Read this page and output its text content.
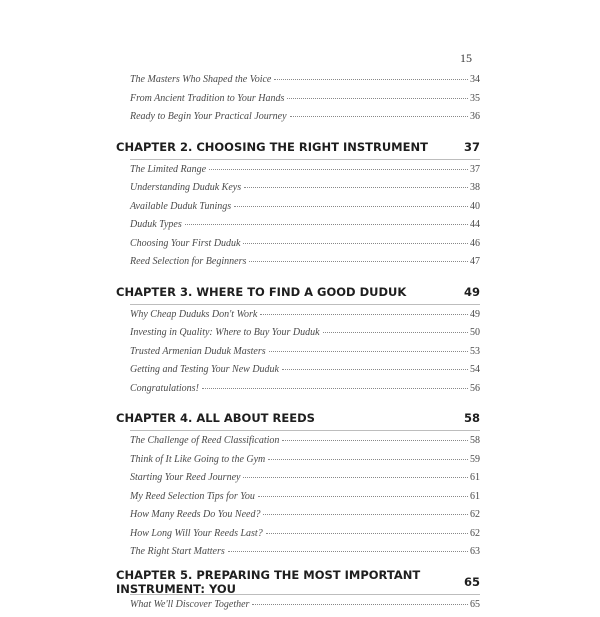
15
The Masters Who Shaped the Voice	34
From Ancient Tradition to Your Hands	35
Ready to Begin Your Practical Journey	36
CHAPTER 2. CHOOSING THE RIGHT INSTRUMENT	37
The Limited Range	37
Understanding Duduk Keys	38
Available Duduk Tunings	40
Duduk Types	44
Choosing Your First Duduk	46
Reed Selection for Beginners	47
CHAPTER 3. WHERE TO FIND A GOOD DUDUK	49
Why Cheap Duduks Don't Work	49
Investing in Quality: Where to Buy Your Duduk	50
Trusted Armenian Duduk Masters	53
Getting and Testing Your New Duduk	54
Congratulations!	56
CHAPTER 4. ALL ABOUT REEDS	58
The Challenge of Reed Classification	58
Think of It Like Going to the Gym	59
Starting Your Reed Journey	61
My Reed Selection Tips for You	61
How Many Reeds Do You Need?	62
How Long Will Your Reeds Last?	62
The Right Start Matters	63
CHAPTER 5. PREPARING THE MOST IMPORTANT INSTRUMENT: YOU	65
What We'll Discover Together	65
